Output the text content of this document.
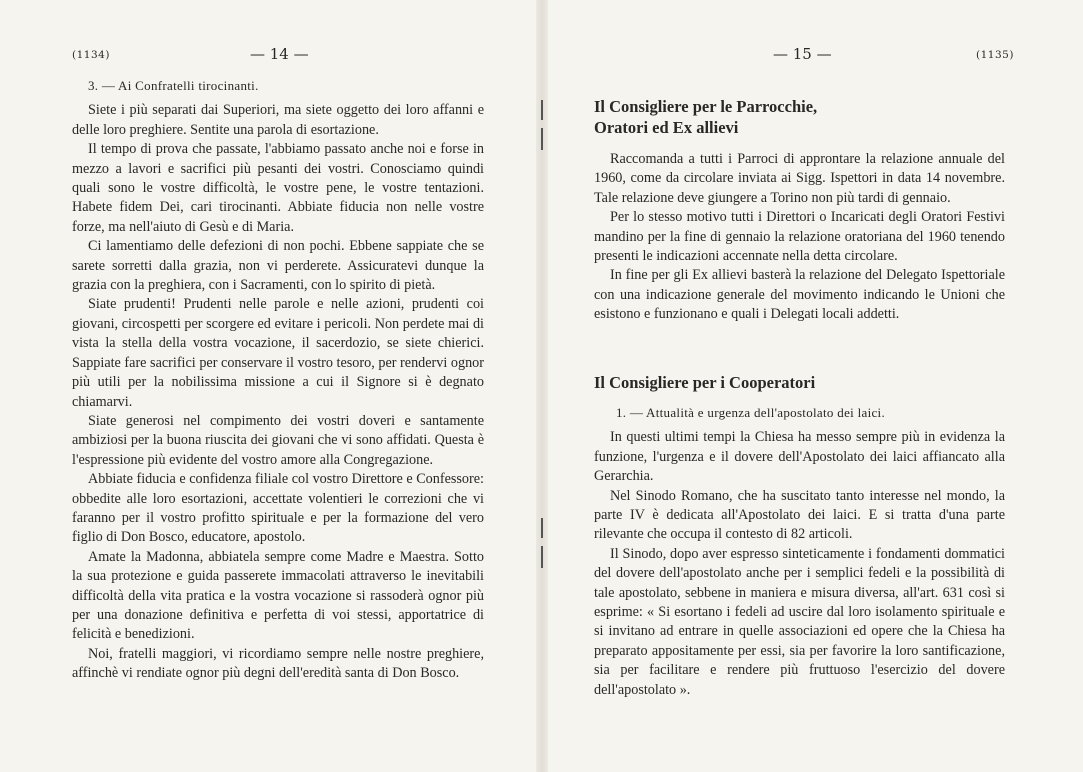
(1134)	— 14 —
3. — Ai Confratelli tirocinanti.

Siete i più separati dai Superiori, ma siete oggetto dei loro affanni e delle loro preghiere. Sentite una parola di esortazione.

Il tempo di prova che passate, l'abbiamo passato anche noi e forse in mezzo a lavori e sacrifici più pesanti dei vostri. Conosciamo quindi quali sono le vostre difficoltà, le vostre pene, le vostre tentazioni. Habete fidem Dei, cari tirocinanti. Abbiate fiducia non nelle vostre forze, ma nell'aiuto di Gesù e di Maria.

Ci lamentiamo delle defezioni di non pochi. Ebbene sappiate che se sarete sorretti dalla grazia, non vi perderete. Assicuratevi dunque la grazia con la preghiera, con i Sacramenti, con lo spirito di pietà.

Siate prudenti! Prudenti nelle parole e nelle azioni, prudenti coi giovani, circospetti per scorgere ed evitare i pericoli. Non perdete mai di vista la stella della vostra vocazione, il sacerdozio, se siete chierici. Sappiate fare sacrifici per conservare il vostro tesoro, per rendervi ognor più utili per la nobilissima missione a cui il Signore si è degnato chiamarvi.

Siate generosi nel compimento dei vostri doveri e santamente ambiziosi per la buona riuscita dei giovani che vi sono affidati. Questa è l'espressione più evidente del vostro amore alla Congregazione.

Abbiate fiducia e confidenza filiale col vostro Direttore e Confessore: obbedite alle loro esortazioni, accettate volentieri le correzioni che vi faranno per il vostro profitto spirituale e per la formazione del vero figlio di Don Bosco, educatore, apostolo.

Amate la Madonna, abbiatela sempre come Madre e Maestra. Sotto la sua protezione e guida passerete immacolati attraverso le inevitabili difficoltà della vita pratica e la vostra vocazione si rassoderà ognor più per una donazione definitiva e perfetta di voi stessi, apportatrice di felicità e benedizioni.

Noi, fratelli maggiori, vi ricordiamo sempre nelle nostre preghiere, affinchè vi rendiate ognor più degni dell'eredità santa di Don Bosco.

— 15 —	(1135)
Il Consigliere per le Parrocchie,
Oratori ed Ex allievi

Raccomanda a tutti i Parroci di approntare la relazione annuale del 1960, come da circolare inviata ai Sigg. Ispettori in data 14 novembre. Tale relazione deve giungere a Torino non più tardi di gennaio.

Per lo stesso motivo tutti i Direttori o Incaricati degli Oratori Festivi mandino per la fine di gennaio la relazione oratoriana del 1960 tenendo presenti le indicazioni accennate nella detta circolare.

In fine per gli Ex allievi basterà la relazione del Delegato Ispettoriale con una indicazione generale del movimento indicando le Unioni che esistono e funzionano e quali i Delegati locali addetti.

Il Consigliere per i Cooperatori
1. — Attualità e urgenza dell'apostolato dei laici.

In questi ultimi tempi la Chiesa ha messo sempre più in evidenza la funzione, l'urgenza e il dovere dell'Apostolato dei laici affiancato alla Gerarchia.

Nel Sinodo Romano, che ha suscitato tanto interesse nel mondo, la parte IV è dedicata all'Apostolato dei laici. E si tratta d'una parte rilevante che occupa il contesto di 82 articoli.

Il Sinodo, dopo aver espresso sinteticamente i fondamenti dommatici del dovere dell'apostolato anche per i semplici fedeli e la possibilità di tale apostolato, sebbene in maniera e misura diversa, all'art. 631 così si esprime: « Si esortano i fedeli ad uscire dal loro isolamento spirituale e si invitano ad entrare in quelle associazioni ed opere che la Chiesa ha preparato appositamente per essi, sia per favorire la loro santificazione, sia per facilitare e rendere più fruttuoso l'esercizio del dovere dell'apostolato ».
